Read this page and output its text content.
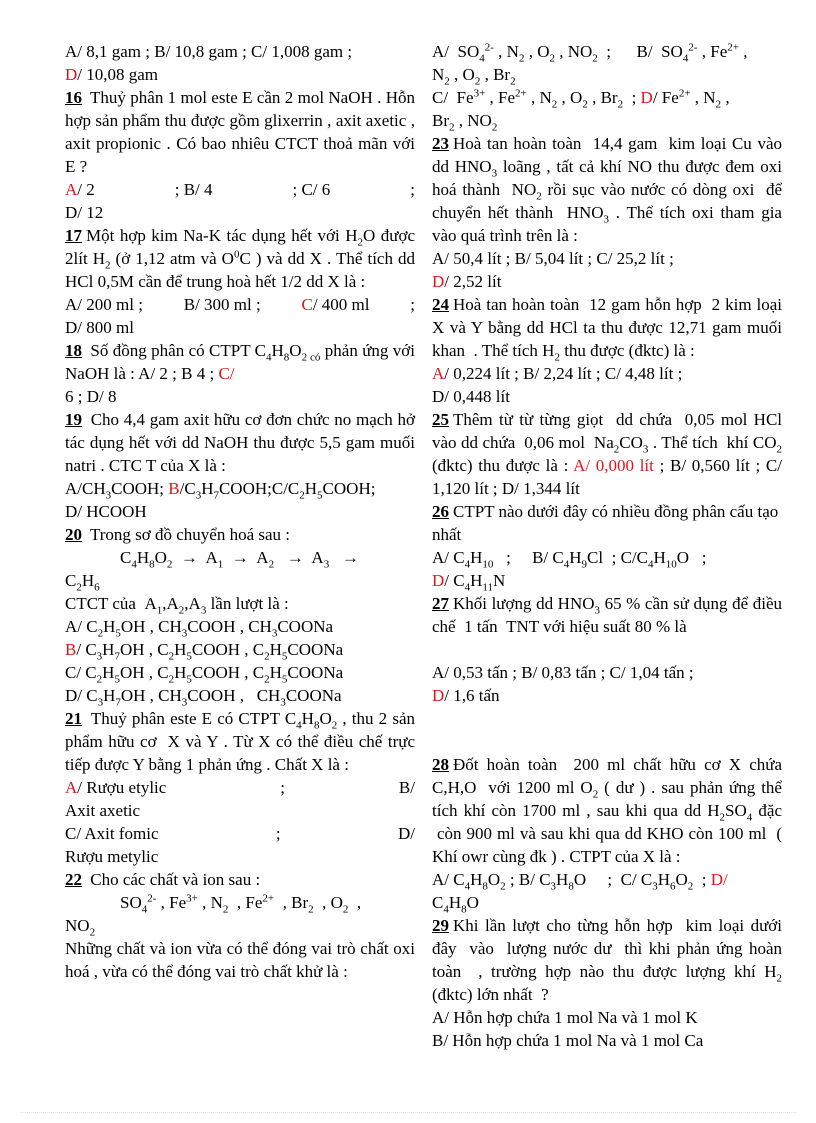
A/ 8,1 gam ; B/ 10,8 gam ; C/ 1,008 gam ;
D/ 10,08 gam

16 Thuỷ phân 1 mol este E cần 2 mol NaOH . Hỗn hợp sản phẩm thu được gồm glixerrin , axit axetic , axit propionic . Có bao nhiêu CTCT thoả mãn với E ?

A/ 2	; B/ 4	; C/ 6	;

D/ 12

17 Một hợp kim Na-K tác dụng hết với $H_2O$ được 2lít $H_2$ (ở 1,12 atm và $O^0C$ ) và dd X . Thể tích dd HCl 0,5M cần để trung hoà hết 1/2 dd X là :

A/ 200 ml ; B/ 300 ml ; C/ 400 ml ;

D/ 800 ml

18 Số đồng phân có CTPT $C_4H_8O_{2 có}$ phản ứng với NaOH là : A/ 2 ; B 4 ; C/
6 ; D/ 8

19 Cho 4,4 gam axit hữu cơ đơn chức no mạch hở tác dụng hết với dd NaOH thu được 5,5 gam muối natri . CTC T của X là :

$A/CH_3COOH$; $B/C_3H_7COOH;C/C_2H_5COOH$;
D/ HCOOH

20 Trong sơ đồ chuyển hoá sau :

$C_4H_8O_2 \to A_1 \to A_2 \to A_3$   →

$C_2H_6$

CTCT của  $A_1,A_2,A_3$ lần lượt là :

A/ $C_2H_5OH$ , $CH_3COOH$ , $CH_3COONa$

B/ $C_3H_7OH$ , $C_2H_5COOH$ , $C_2H_5COONa$

C/ $C_2H_5OH$ , $C_2H_5COOH$ , $C_2H_5COONa$

D/ $C_3H_7OH$ , $CH_3COOH$ ,   $CH_3COONa$

21 Thuỷ phân este E có CTPT $C_4H_8O_2$ , thu 2 sản phẩm hữu cơ  X và Y . Từ X có thể điều chế trực tiếp được Y bằng 1 phản ứng . Chất X là :

A/ Rượu etylic	;	B/

Axit axetic

C/ Axit fomic	;	D/

Rượu metylic

22 Cho các chất và ion sau :

$SO_4^{2-}$ , $Fe^{3+}$ , $N_2$  , $Fe^{2+}$  , $Br_2$  , $O_2$  ,

$NO_2$

Những chất và ion vừa có thể đóng vai trò chất oxi hoá , vừa có thể đóng vai trò chất khử là :

A/  $SO_4^{2-}$ , $N_2$ , $O_2$ , $NO_2$  ;      B/  $SO_4^{2-}$ , $Fe^{2+}$ ,

$N_2$ , $O_2$ , $Br_2$

C/  $Fe^{3+}$ , $Fe^{2+}$ , $N_2$ , $O_2$ , $Br_2$  ; D/ $Fe^{2+}$ , $N_2$ ,

$Br_2$ , $NO_2$

23 Hoà tan hoàn toàn  14,4 gam  kim loại Cu vào dd $HNO_3$ loãng , tất cả khí NO thu được đem oxi hoá thành  $NO_2$ rồi sục vào nước có dòng oxi  để chuyển hết thành  $HNO_3$ . Thể tích oxi tham gia vào quá trình trên là :

A/ 50,4 lít ; B/ 5,04 lít ; C/ 25,2 lít ;
D/ 2,52 lít

24 Hoà tan hoàn toàn  12 gam hỗn hợp  2 kim loại X và Y bằng dd HCl ta thu được 12,71 gam muối khan  . Thể tích $H_2$ thu được (đktc) là :

A/ 0,224 lít ; B/ 2,24 lít ; C/ 4,48 lít ;
D/ 0,448 lít

25 Thêm từ từ từng giọt  dd chứa  0,05 mol HCl vào dd chứa  0,06 mol  $Na_2CO_3$ . Thể tích  khí $CO_2$ (đktc) thu được là : A/ 0,000 lít ; B/ 0,560 lít ; C/ 1,120 lít ; D/ 1,344 lít

26 CTPT nào dưới đây có nhiều đồng phân cấu tạo nhất

A/ $C_4H_{10}$   ;     B/ $C_4H_9Cl$  ; $C/C_4H_{10}O$   ;
D/ $C_4H_{11}N$

27 Khối lượng dd $HNO_3$ 65 % cần sử dụng để điều chế  1 tấn  TNT với hiệu suất 80 % là

A/ 0,53 tấn ; B/ 0,83 tấn ; C/ 1,04 tấn ;
D/ 1,6 tấn

28 Đốt hoàn toàn  200 ml chất hữu cơ X chứa C,H,O  với 1200 ml $O_2$ ( dư ) . sau phản ứng thể tích khí còn 1700 ml , sau khi qua dd $H_2SO_4$ đặc  còn 900 ml và sau khi qua dd KHO còn 100 ml  ( Khí owr cùng đk ) . CTPT của X là :

A/ $C_4H_8O_2$ ; B/ $C_3H_8O$     ;  C/ $C_3H_6O_2$  ; D/
$C_4H_8O$

29 Khi lần lượt cho từng hỗn hợp  kim loại dưới đây  vào  lượng nước dư  thì khi phản ứng hoàn toàn  , trường hợp nào thu được lượng khí $H_2$ (đktc) lớn nhất  ?

A/ Hỗn hợp chứa 1 mol Na và 1 mol K

B/ Hỗn hợp chứa 1 mol Na và 1 mol Ca
